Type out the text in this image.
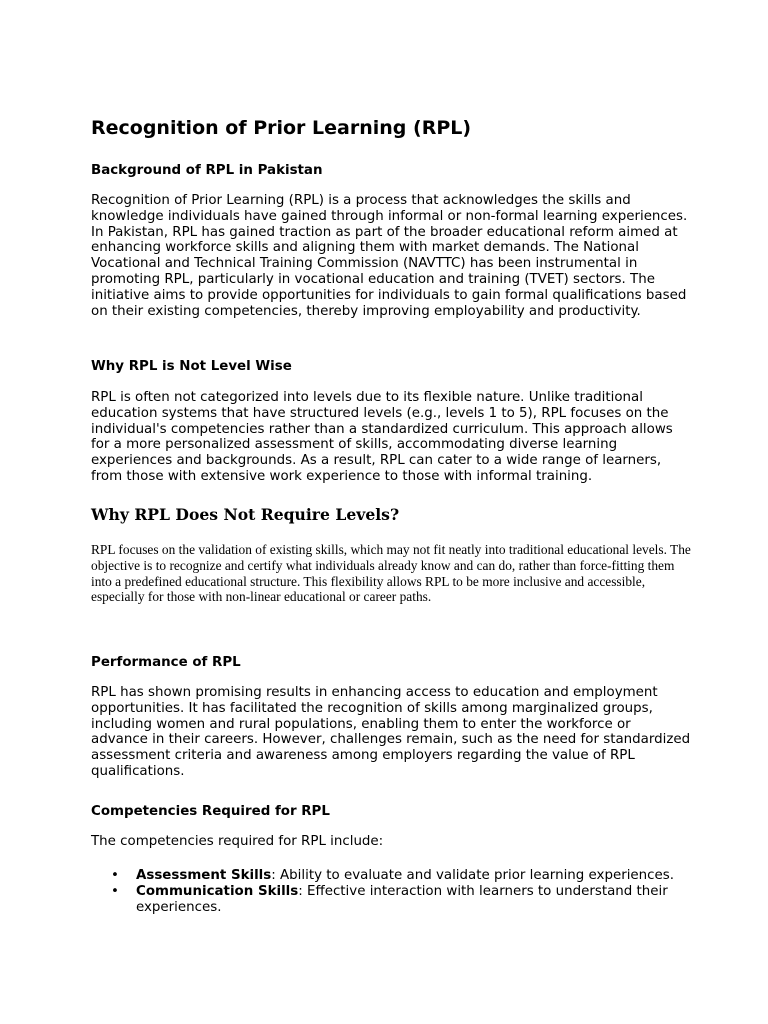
Recognition of Prior Learning (RPL)
Background of RPL in Pakistan

Recognition of Prior Learning (RPL) is a process that acknowledges the skills and knowledge individuals have gained through informal or non-formal learning experiences. In Pakistan, RPL has gained traction as part of the broader educational reform aimed at enhancing workforce skills and aligning them with market demands. The National Vocational and Technical Training Commission (NAVTTC) has been instrumental in promoting RPL, particularly in vocational education and training (TVET) sectors. The initiative aims to provide opportunities for individuals to gain formal qualifications based on their existing competencies, thereby improving employability and productivity.

Why RPL is Not Level Wise

RPL is often not categorized into levels due to its flexible nature. Unlike traditional education systems that have structured levels (e.g., levels 1 to 5), RPL focuses on the individual's competencies rather than a standardized curriculum. This approach allows for a more personalized assessment of skills, accommodating diverse learning experiences and backgrounds. As a result, RPL can cater to a wide range of learners, from those with extensive work experience to those with informal training.

Why RPL Does Not Require Levels?

RPL focuses on the validation of existing skills, which may not fit neatly into traditional educational levels. The objective is to recognize and certify what individuals already know and can do, rather than force-fitting them into a predefined educational structure. This flexibility allows RPL to be more inclusive and accessible, especially for those with non-linear educational or career paths.

Performance of RPL

RPL has shown promising results in enhancing access to education and employment opportunities. It has facilitated the recognition of skills among marginalized groups, including women and rural populations, enabling them to enter the workforce or advance in their careers. However, challenges remain, such as the need for standardized assessment criteria and awareness among employers regarding the value of RPL qualifications.

Competencies Required for RPL

The competencies required for RPL include:

• Assessment Skills: Ability to evaluate and validate prior learning experiences.
• Communication Skills: Effective interaction with learners to understand their experiences.
